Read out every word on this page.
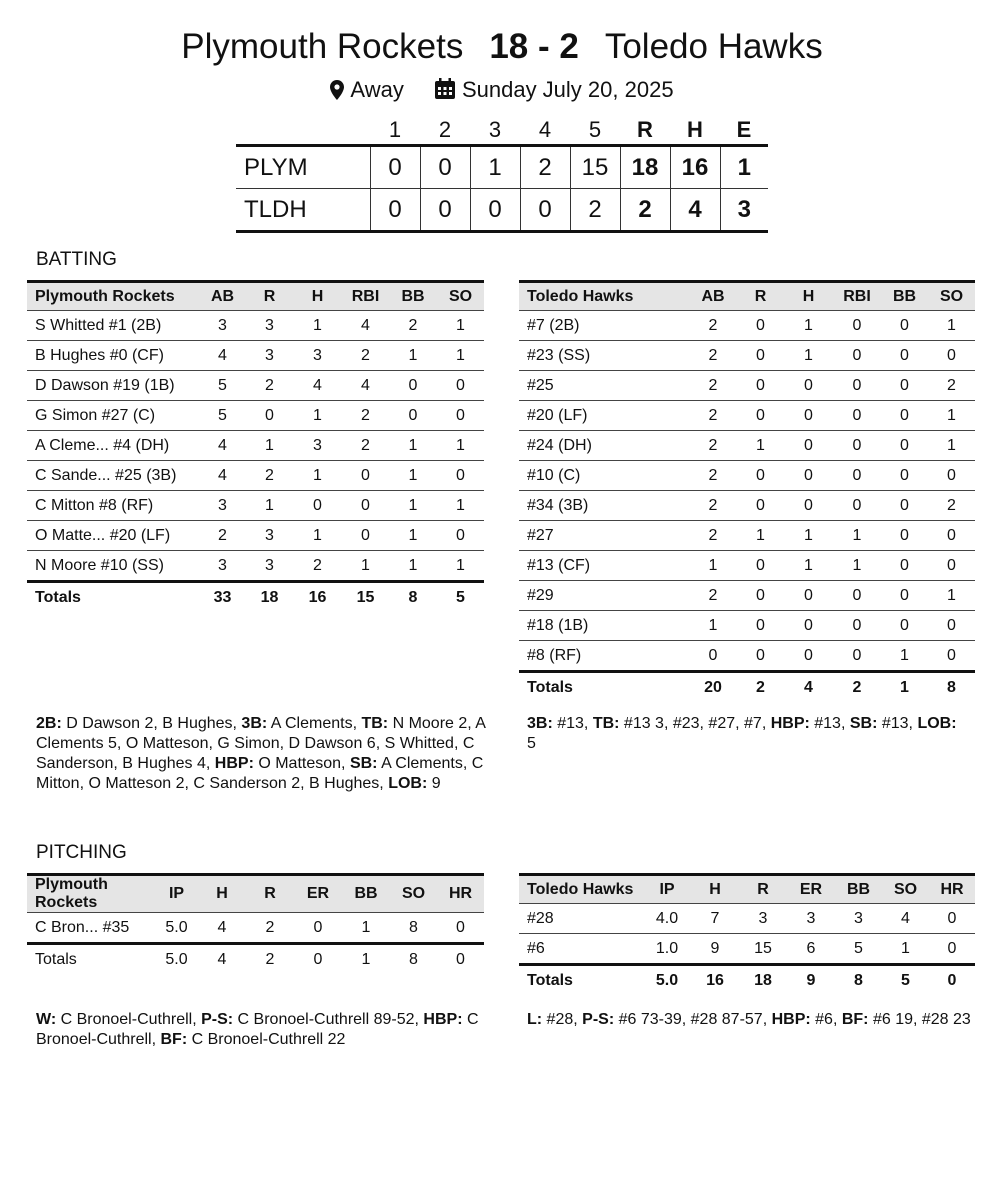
Plymouth Rockets 18 - 2 Toledo Hawks
Away	Sunday July 20, 2025
	1	2	3	4	5	R	H	E
PLYM	0	0	1	2	15	18	16	1
TLDH	0	0	0	0	2	2	4	3
BATTING
Plymouth Rockets	AB	R	H	RBI	BB	SO
S Whitted #1 (2B)	3	3	1	4	2	1
B Hughes #0 (CF)	4	3	3	2	1	1
D Dawson #19 (1B)	5	2	4	4	0	0
G Simon #27 (C)	5	0	1	2	0	0
A Cleme... #4 (DH)	4	1	3	2	1	1
C Sande... #25 (3B)	4	2	1	0	1	0
C Mitton #8 (RF)	3	1	0	0	1	1
O Matte... #20 (LF)	2	3	1	0	1	0
N Moore #10 (SS)	3	3	2	1	1	1
Totals	33	18	16	15	8	5
Toledo Hawks	AB	R	H	RBI	BB	SO
#7 (2B)	2	0	1	0	0	1
#23 (SS)	2	0	1	0	0	0
#25	2	0	0	0	0	2
#20 (LF)	2	0	0	0	0	1
#24 (DH)	2	1	0	0	0	1
#10 (C)	2	0	0	0	0	0
#34 (3B)	2	0	0	0	0	2
#27	2	1	1	1	0	0
#13 (CF)	1	0	1	1	0	0
#29	2	0	0	0	0	1
#18 (1B)	1	0	0	0	0	0
#8 (RF)	0	0	0	0	1	0
Totals	20	2	4	2	1	8
2B: D Dawson 2, B Hughes, 3B: A Clements, TB: N Moore 2, A Clements 5, O Matteson, G Simon, D Dawson 6, S Whitted, C Sanderson, B Hughes 4, HBP: O Matteson, SB: A Clements, C Mitton, O Matteson 2, C Sanderson 2, B Hughes, LOB: 9
3B: #13, TB: #13 3, #23, #27, #7, HBP: #13, SB: #13, LOB: 5
PITCHING
Plymouth Rockets	IP	H	R	ER	BB	SO	HR
C Bron... #35	5.0	4	2	0	1	8	0
Totals	5.0	4	2	0	1	8	0
Toledo Hawks	IP	H	R	ER	BB	SO	HR
#28	4.0	7	3	3	3	4	0
#6	1.0	9	15	6	5	1	0
Totals	5.0	16	18	9	8	5	0
W: C Bronoel-Cuthrell, P-S: C Bronoel-Cuthrell 89-52, HBP: C Bronoel-Cuthrell, BF: C Bronoel-Cuthrell 22
L: #28, P-S: #6 73-39, #28 87-57, HBP: #6, BF: #6 19, #28 23
